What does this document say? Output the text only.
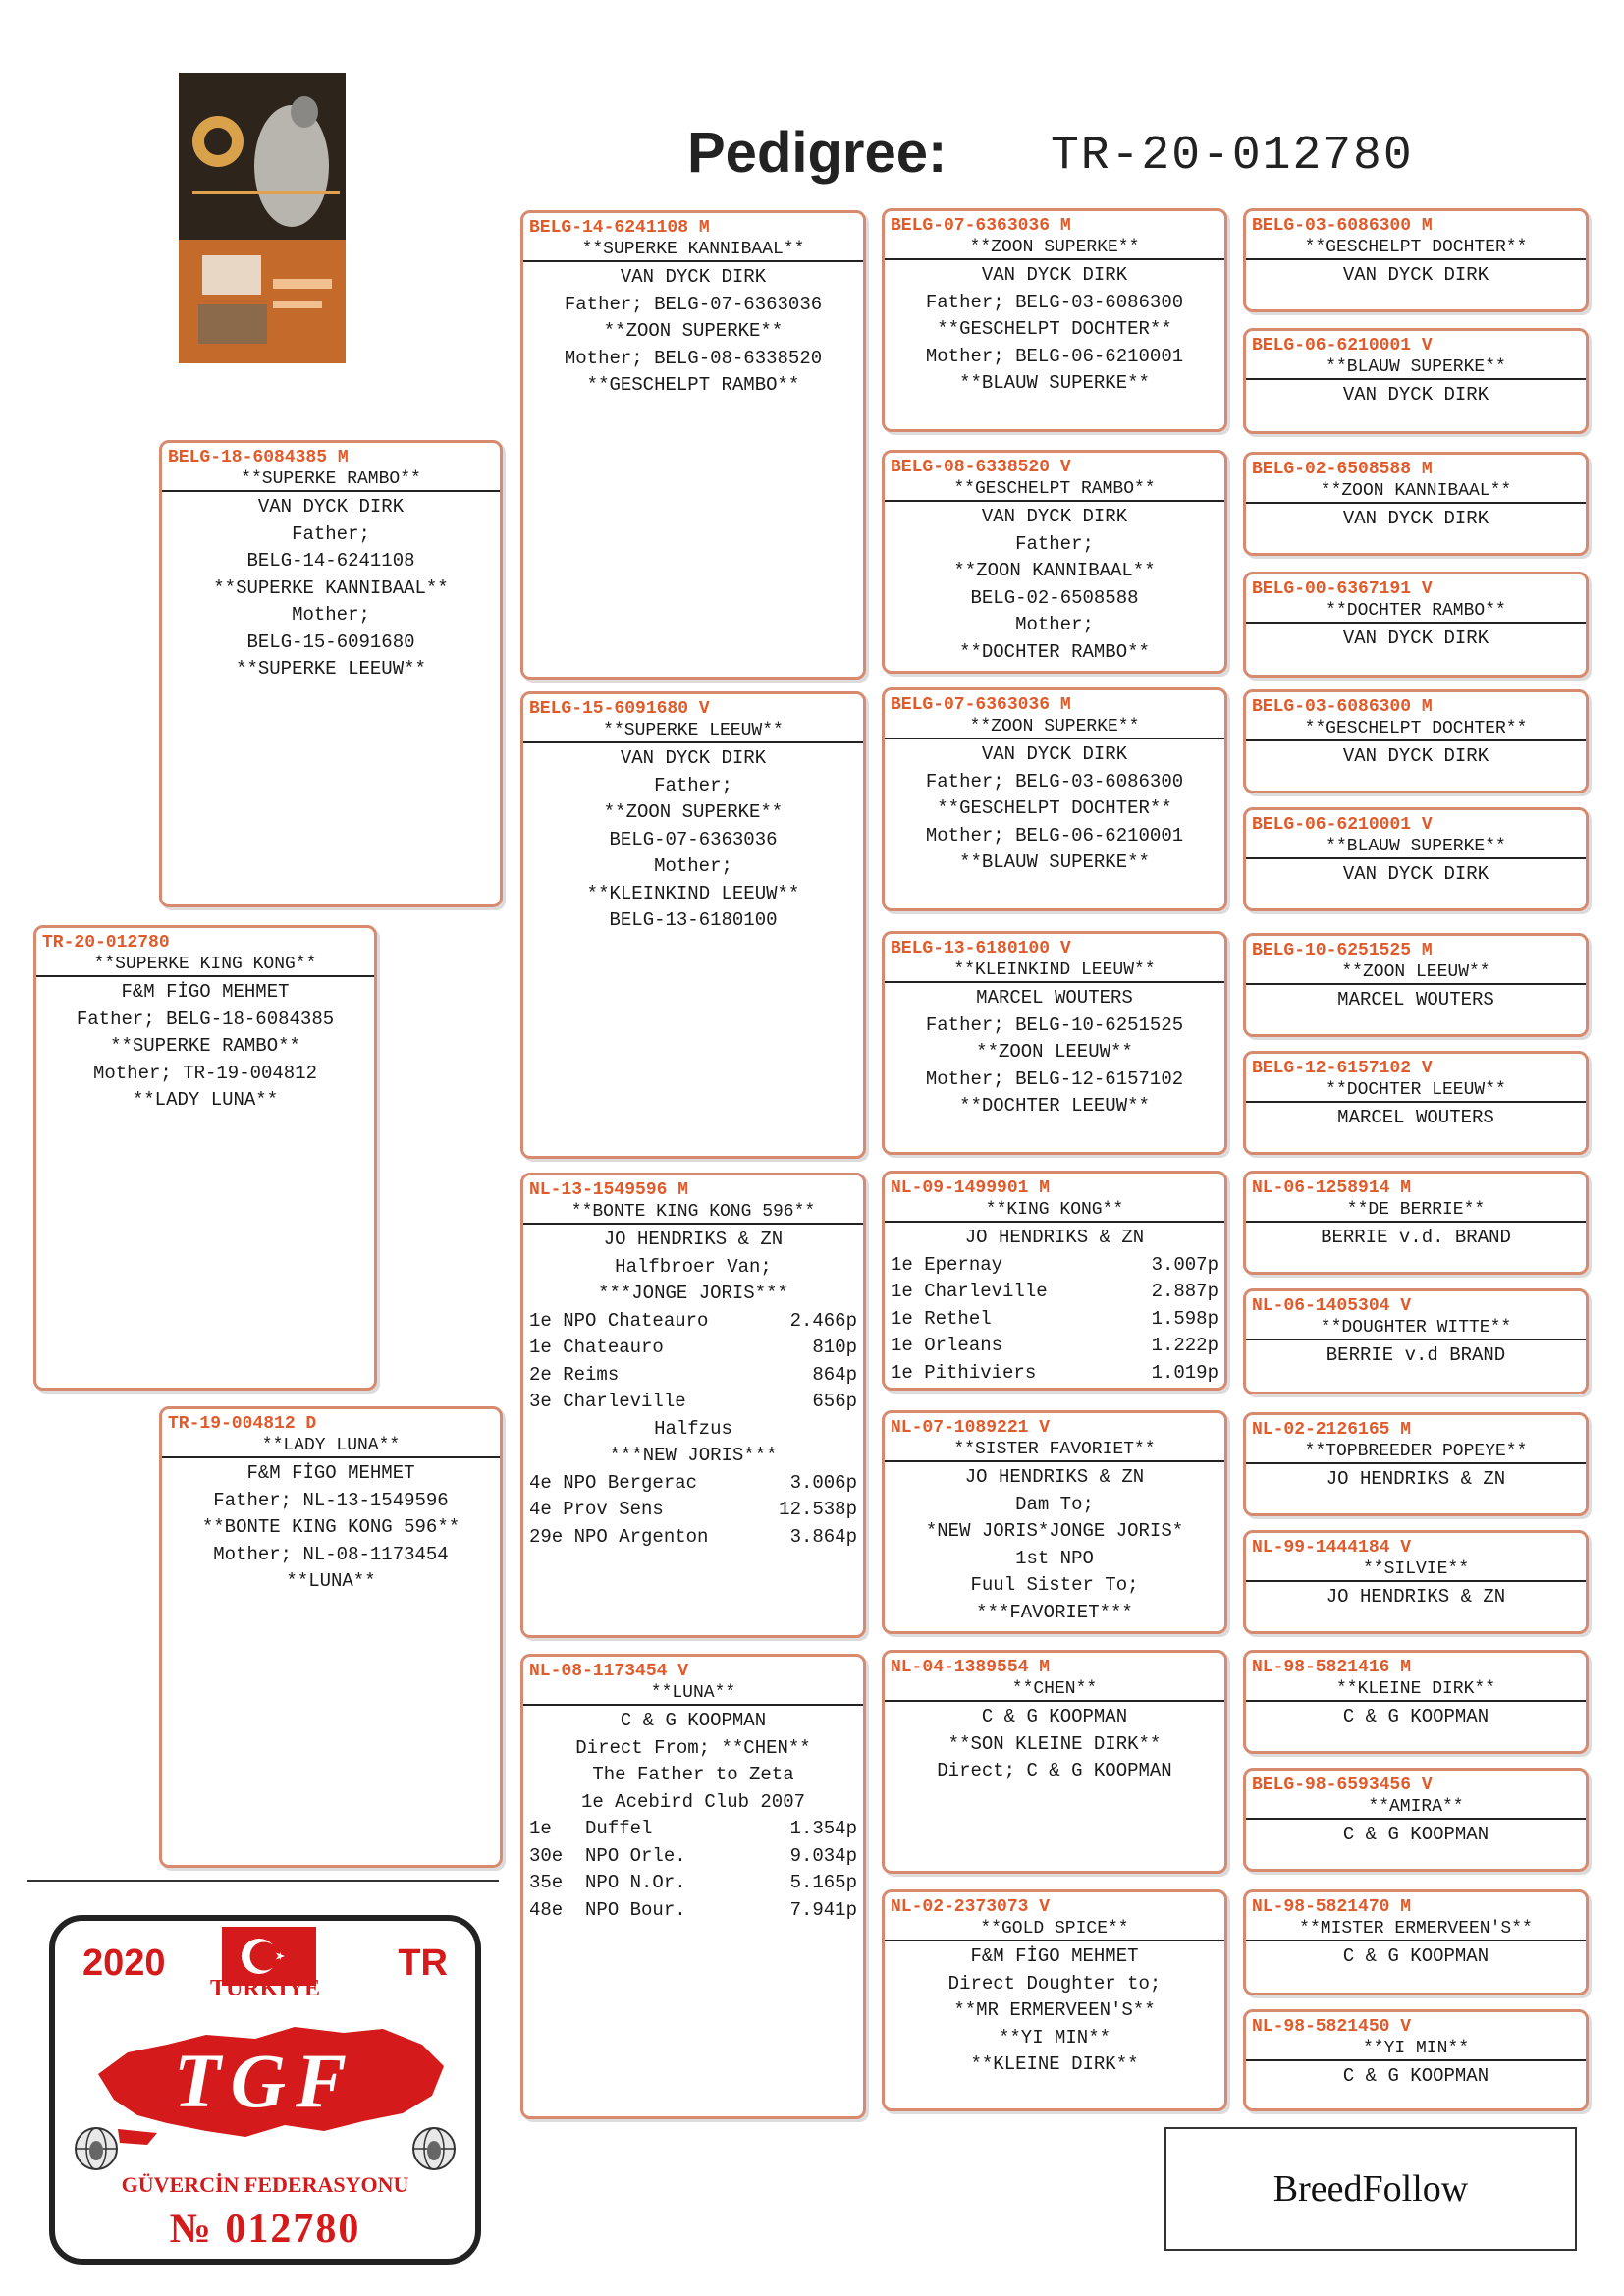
Pedigree: TR-20-012780
TR-20-012780
**SUPERKE KING KONG**
F&M FİGO MEHMET
Father; BELG-18-6084385
**SUPERKE RAMBO**
Mother; TR-19-004812
**LADY LUNA**
BELG-18-6084385 M
**SUPERKE RAMBO**
VAN DYCK DIRK
Father;
BELG-14-6241108
**SUPERKE KANNIBAAL**
Mother;
BELG-15-6091680
**SUPERKE LEEUW**
TR-19-004812 D
**LADY LUNA**
F&M FİGO MEHMET
Father; NL-13-1549596
**BONTE KING KONG 596**
Mother; NL-08-1173454
**LUNA**
BELG-14-6241108 M
**SUPERKE KANNIBAAL**
VAN DYCK DIRK
Father; BELG-07-6363036
**ZOON SUPERKE**
Mother; BELG-08-6338520
**GESCHELPT RAMBO**
BELG-15-6091680 V
**SUPERKE LEEUW**
VAN DYCK DIRK
Father;
**ZOON SUPERKE**
BELG-07-6363036
Mother;
**KLEINKIND LEEUW**
BELG-13-6180100
NL-13-1549596 M
**BONTE KING KONG 596**
JO HENDRIKS & ZN
Halfbroer Van;
***JONGE JORIS***
1e NPO Chateauro	2.466p
1e Chateauro	810p
2e Reims	864p
3e Charleville	656p
Halfzus
***NEW JORIS***
4e NPO Bergerac	3.006p
4e Prov Sens	12.538p
29e NPO Argenton	3.864p
NL-08-1173454 V
**LUNA**
C & G KOOPMAN
Direct From; **CHEN**
The Father to Zeta
1e Acebird Club 2007
1e   Duffel	1.354p
30e  NPO Orle.	9.034p
35e  NPO N.Or.	5.165p
48e  NPO Bour.	7.941p
BELG-07-6363036 M
**ZOON SUPERKE**
VAN DYCK DIRK
Father; BELG-03-6086300
**GESCHELPT DOCHTER**
Mother; BELG-06-6210001
**BLAUW SUPERKE**
BELG-08-6338520 V
**GESCHELPT RAMBO**
VAN DYCK DIRK
Father;
**ZOON KANNIBAAL**
BELG-02-6508588
Mother;
**DOCHTER RAMBO**
BELG-07-6363036 M
**ZOON SUPERKE**
VAN DYCK DIRK
Father; BELG-03-6086300
**GESCHELPT DOCHTER**
Mother; BELG-06-6210001
**BLAUW SUPERKE**
BELG-13-6180100 V
**KLEINKIND LEEUW**
MARCEL WOUTERS
Father; BELG-10-6251525
**ZOON LEEUW**
Mother; BELG-12-6157102
**DOCHTER LEEUW**
NL-09-1499901 M
**KING KONG**
JO HENDRIKS & ZN
1e Epernay	3.007p
1e Charleville	2.887p
1e Rethel	1.598p
1e Orleans	1.222p
1e Pithiviers	1.019p
NL-07-1089221 V
**SISTER FAVORIET**
JO HENDRIKS & ZN
Dam To;
*NEW JORIS*JONGE JORIS*
1st NPO
Fuul Sister To;
***FAVORIET***
NL-04-1389554 M
**CHEN**
C & G KOOPMAN
**SON KLEINE DIRK**
Direct; C & G KOOPMAN
NL-02-2373073 V
**GOLD SPICE**
F&M FİGO MEHMET
Direct Doughter to;
**MR ERMERVEEN'S**
**YI MIN**
**KLEINE DIRK**
BELG-03-6086300 M
**GESCHELPT DOCHTER**
VAN DYCK DIRK
BELG-06-6210001 V
**BLAUW SUPERKE**
VAN DYCK DIRK
BELG-02-6508588 M
**ZOON KANNIBAAL**
VAN DYCK DIRK
BELG-00-6367191 V
**DOCHTER RAMBO**
VAN DYCK DIRK
BELG-03-6086300 M
**GESCHELPT DOCHTER**
VAN DYCK DIRK
BELG-06-6210001 V
**BLAUW SUPERKE**
VAN DYCK DIRK
BELG-10-6251525 M
**ZOON LEEUW**
MARCEL WOUTERS
BELG-12-6157102 V
**DOCHTER LEEUW**
MARCEL WOUTERS
NL-06-1258914 M
**DE BERRIE**
BERRIE v.d. BRAND
NL-06-1405304 V
**DOUGHTER WITTE**
BERRIE v.d BRAND
NL-02-2126165 M
**TOPBREEDER POPEYE**
JO HENDRIKS & ZN
NL-99-1444184 V
**SILVIE**
JO HENDRIKS & ZN
NL-98-5821416 M
**KLEINE DIRK**
C & G KOOPMAN
BELG-98-6593456 V
**AMIRA**
C & G KOOPMAN
NL-98-5821470 M
**MISTER ERMERVEEN'S**
C & G KOOPMAN
NL-98-5821450 V
**YI MIN**
C & G KOOPMAN
2020	TR
TÜRKİYE
TGF
GÜVERCİN FEDERASYONU
№ 012780
BreedFollow
